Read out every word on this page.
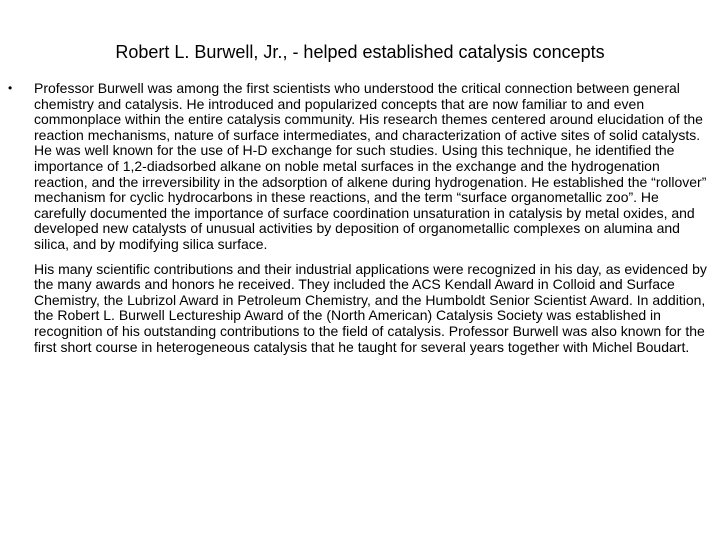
Robert L. Burwell, Jr., - helped established catalysis concepts

• Professor Burwell was among the first scientists who understood the critical connection between general chemistry and catalysis. He introduced and popularized concepts that are now familiar to and even commonplace within the entire catalysis community. His research themes centered around elucidation of the reaction mechanisms, nature of surface intermediates, and characterization of active sites of solid catalysts. He was well known for the use of H-D exchange for such studies. Using this technique, he identified the importance of 1,2-diadsorbed alkane on noble metal surfaces in the exchange and the hydrogenation reaction, and the irreversibility in the adsorption of alkene during hydrogenation. He established the “rollover” mechanism for cyclic hydrocarbons in these reactions, and the term “surface organometallic zoo”. He carefully documented the importance of surface coordination unsaturation in catalysis by metal oxides, and developed new catalysts of unusual activities by deposition of organometallic complexes on alumina and silica, and by modifying silica surface.

His many scientific contributions and their industrial applications were recognized in his day, as evidenced by the many awards and honors he received. They included the ACS Kendall Award in Colloid and Surface Chemistry, the Lubrizol Award in Petroleum Chemistry, and the Humboldt Senior Scientist Award. In addition, the Robert L. Burwell Lectureship Award of the (North American) Catalysis Society was established in recognition of his outstanding contributions to the field of catalysis. Professor Burwell was also known for the first short course in heterogeneous catalysis that he taught for several years together with Michel Boudart.
